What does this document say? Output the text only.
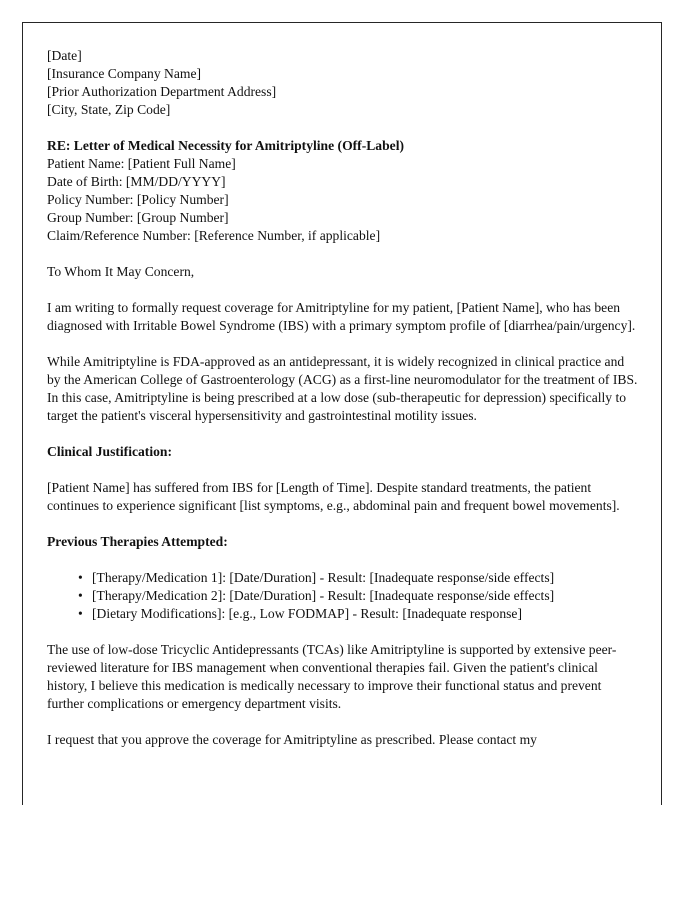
[Date]
[Insurance Company Name]
[Prior Authorization Department Address]
[City, State, Zip Code]
RE: Letter of Medical Necessity for Amitriptyline (Off-Label)
Patient Name: [Patient Full Name]
Date of Birth: [MM/DD/YYYY]
Policy Number: [Policy Number]
Group Number: [Group Number]
Claim/Reference Number: [Reference Number, if applicable]

To Whom It May Concern,

I am writing to formally request coverage for Amitriptyline for my patient, [Patient Name], who has been diagnosed with Irritable Bowel Syndrome (IBS) with a primary symptom profile of [diarrhea/pain/urgency].

While Amitriptyline is FDA-approved as an antidepressant, it is widely recognized in clinical practice and by the American College of Gastroenterology (ACG) as a first-line neuromodulator for the treatment of IBS. In this case, Amitriptyline is being prescribed at a low dose (sub-therapeutic for depression) specifically to target the patient's visceral hypersensitivity and gastrointestinal motility issues.

Clinical Justification:

[Patient Name] has suffered from IBS for [Length of Time]. Despite standard treatments, the patient continues to experience significant [list symptoms, e.g., abdominal pain and frequent bowel movements].

Previous Therapies Attempted:

• [Therapy/Medication 1]: [Date/Duration] - Result: [Inadequate response/side effects]
• [Therapy/Medication 2]: [Date/Duration] - Result: [Inadequate response/side effects]
• [Dietary Modifications]: [e.g., Low FODMAP] - Result: [Inadequate response]

The use of low-dose Tricyclic Antidepressants (TCAs) like Amitriptyline is supported by extensive peer-reviewed literature for IBS management when conventional therapies fail. Given the patient's clinical history, I believe this medication is medically necessary to improve their functional status and prevent further complications or emergency department visits.

I request that you approve the coverage for Amitriptyline as prescribed. Please contact my
